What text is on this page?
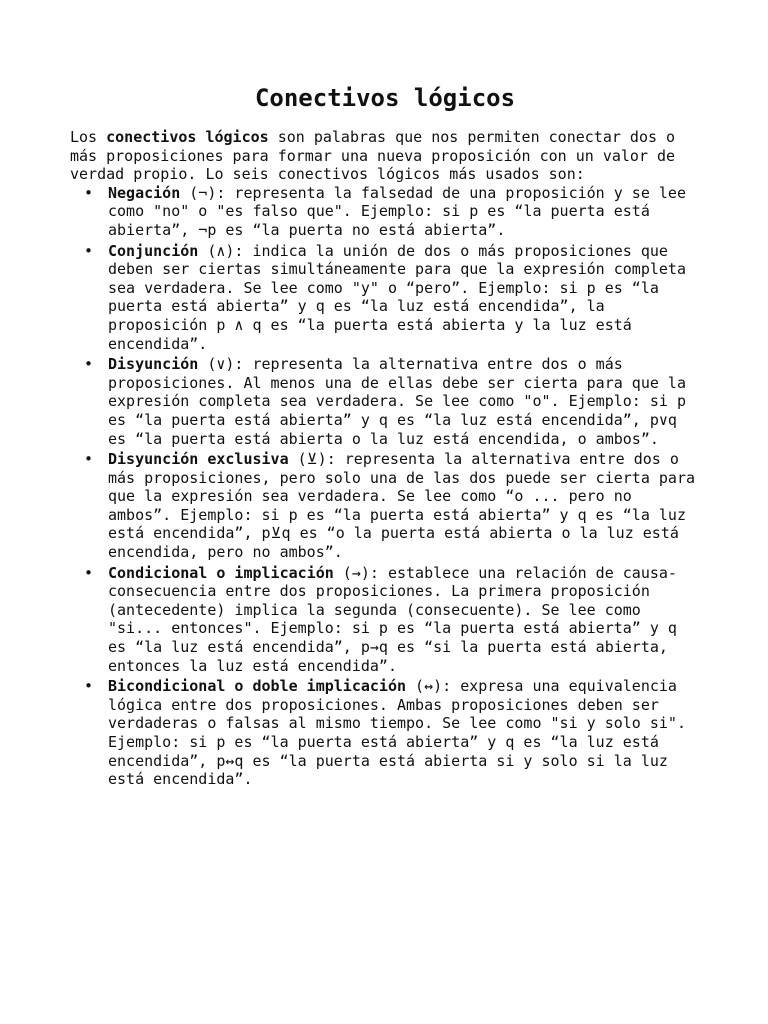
Conectivos lógicos

Los conectivos lógicos son palabras que nos permiten conectar dos o más proposiciones para formar una nueva proposición con un valor de verdad propio. Lo seis conectivos lógicos más usados son:

• Negación (¬): representa la falsedad de una proposición y se lee como "no" o "es falso que". Ejemplo: si p es “la puerta está abierta”, ¬p es “la puerta no está abierta”.
• Conjunción (∧): indica la unión de dos o más proposiciones que deben ser ciertas simultáneamente para que la expresión completa sea verdadera. Se lee como "y" o “pero”. Ejemplo: si p es “la puerta está abierta” y q es “la luz está encendida”, la proposición p ∧ q es “la puerta está abierta y la luz está encendida”.
• Disyunción (∨): representa la alternativa entre dos o más proposiciones. Al menos una de ellas debe ser cierta para que la expresión completa sea verdadera. Se lee como "o". Ejemplo: si p es “la puerta está abierta” y q es “la luz está encendida”, p∨q es “la puerta está abierta o la luz está encendida, o ambos”.
• Disyunción exclusiva (⊻): representa la alternativa entre dos o más proposiciones, pero solo una de las dos puede ser cierta para que la expresión sea verdadera. Se lee como “o ... pero no ambos”. Ejemplo: si p es “la puerta está abierta” y q es “la luz está encendida”, p⊻q es “o la puerta está abierta o la luz está encendida, pero no ambos”.
• Condicional o implicación (→): establece una relación de causa-consecuencia entre dos proposiciones. La primera proposición (antecedente) implica la segunda (consecuente). Se lee como "si... entonces". Ejemplo: si p es “la puerta está abierta” y q es “la luz está encendida”, p→q es “si la puerta está abierta, entonces la luz está encendida”.
• Bicondicional o doble implicación (↔): expresa una equivalencia lógica entre dos proposiciones. Ambas proposiciones deben ser verdaderas o falsas al mismo tiempo. Se lee como "si y solo si". Ejemplo: si p es “la puerta está abierta” y q es “la luz está encendida”, p↔q es “la puerta está abierta si y solo si la luz está encendida”.
